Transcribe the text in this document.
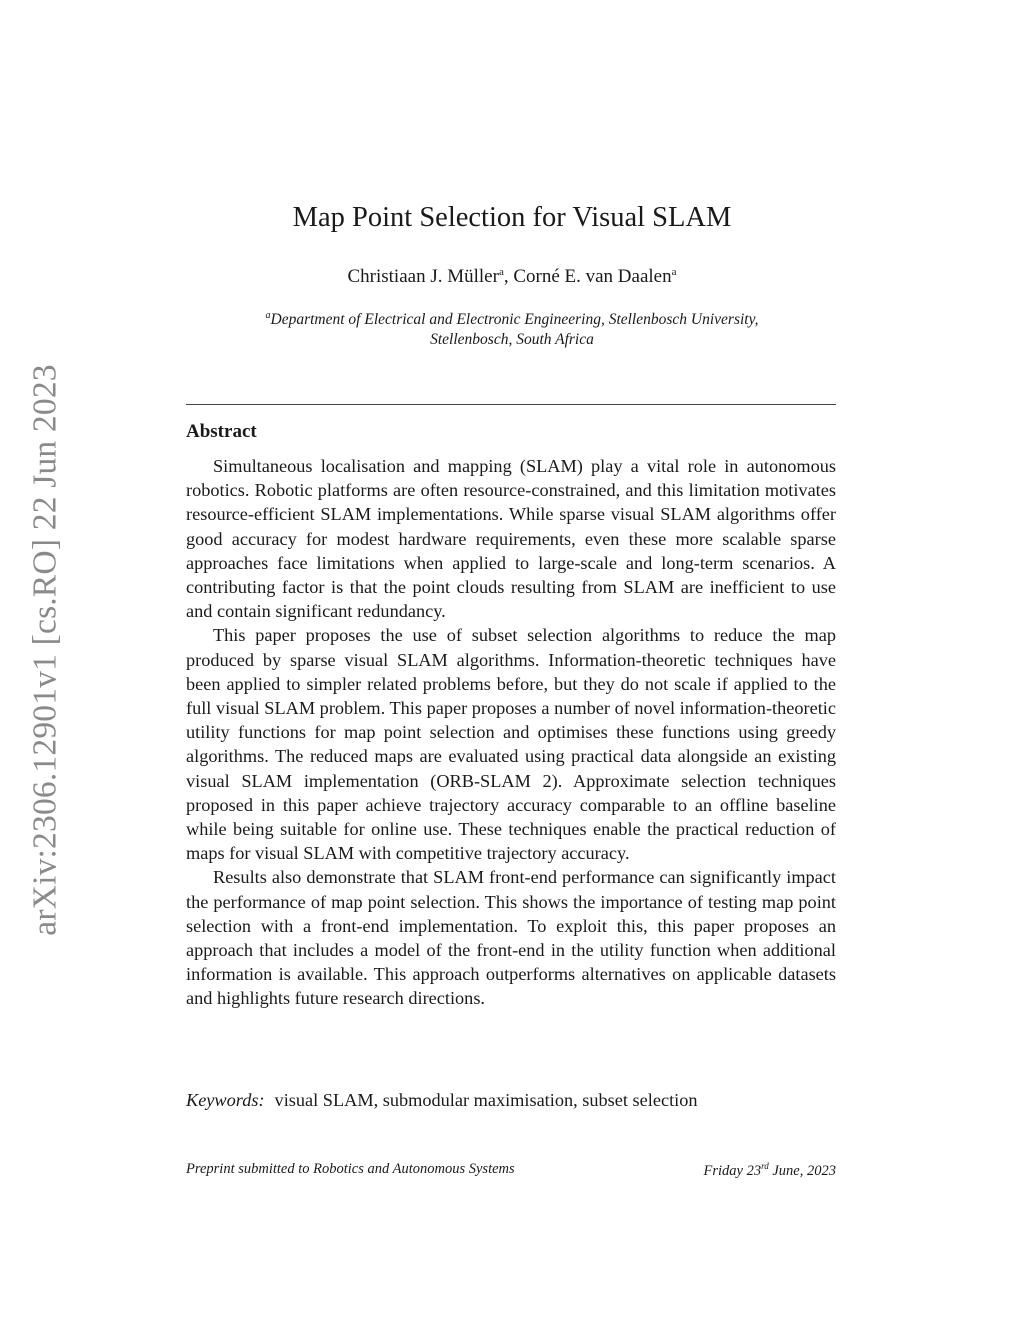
arXiv:2306.12901v1 [cs.RO] 22 Jun 2023
Map Point Selection for Visual SLAM
Christiaan J. Müller$^a$, Corné E. van Daalen$^a$
$^a$Department of Electrical and Electronic Engineering, Stellenbosch University,
Stellenbosch, South Africa
Abstract

Simultaneous localisation and mapping (SLAM) play a vital role in autonomous robotics. Robotic platforms are often resource-constrained, and this limitation motivates resource-efficient SLAM implementations. While sparse visual SLAM algorithms offer good accuracy for modest hardware requirements, even these more scalable sparse approaches face limitations when applied to large-scale and long-term scenarios. A contributing factor is that the point clouds resulting from SLAM are inefficient to use and contain significant redundancy.

This paper proposes the use of subset selection algorithms to reduce the map produced by sparse visual SLAM algorithms. Information-theoretic techniques have been applied to simpler related problems before, but they do not scale if applied to the full visual SLAM problem. This paper proposes a number of novel information-theoretic utility functions for map point selection and optimises these functions using greedy algorithms. The reduced maps are evaluated using practical data alongside an existing visual SLAM implementation (ORB-SLAM 2). Approximate selection techniques proposed in this paper achieve trajectory accuracy comparable to an offline baseline while being suitable for online use. These techniques enable the practical reduction of maps for visual SLAM with competitive trajectory accuracy.

Results also demonstrate that SLAM front-end performance can significantly impact the performance of map point selection. This shows the importance of testing map point selection with a front-end implementation. To exploit this, this paper proposes an approach that includes a model of the front-end in the utility function when additional information is available. This approach outperforms alternatives on applicable datasets and highlights future research directions.

Keywords: visual SLAM, submodular maximisation, subset selection
Preprint submitted to Robotics and Autonomous Systems	Friday 23rd June, 2023
